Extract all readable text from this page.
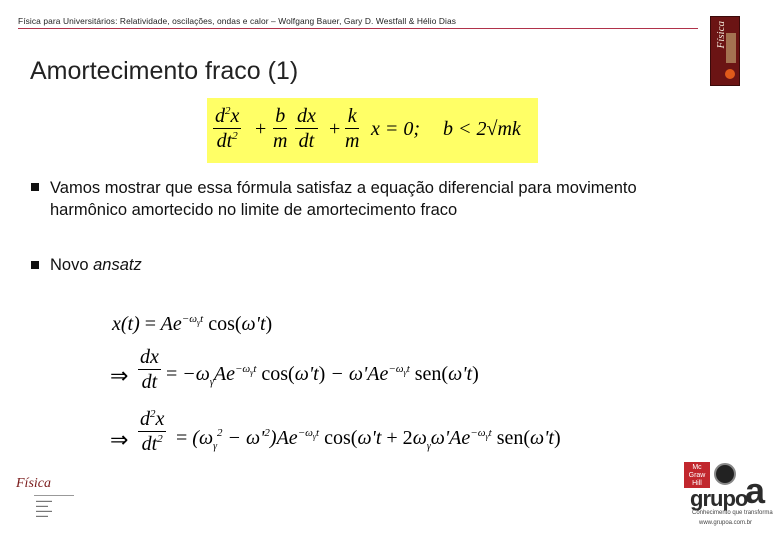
Física para Universitários: Relatividade, oscilações, ondas e calor – Wolfgang Bauer, Gary D. Westfall & Hélio Dias	Física
Amortecimento fraco (1)
$\frac{d^2x}{dt^2} + \frac{b}{m} \frac{dx}{dt} + \frac{k}{m}$ x = 0; b < 2√mk
Vamos mostrar que essa fórmula satisfaz a equação diferencial para movimento harmônico amortecido no limite de amortecimento fraco
Novo ansatz
$x(t) = Ae^{-\omega_\gamma t}$ cos(ω't)
⇒ $\frac{dx}{dt} = -\omega_\gamma Ae^{-\omega_\gamma t}$ $\cos(\omega't) - \omega'Ae^{-\omega_\gamma t}$ sen(ω't)
⇒ $\frac{d^2x}{dt^2} = (\omega_\gamma^2 - \omega'^2)Ae^{-\omega_\gamma t}$ $\cos(\omega't + 2\omega_\gamma\omega'Ae^{-\omega_\gamma t}$ sen(ω't)
Física
▬▬▬▬
▬▬▬
▬▬▬▬
▬▬▬
Mc Graw Hill
grupo
a
Conhecimento que transforma
www.grupoa.com.br
